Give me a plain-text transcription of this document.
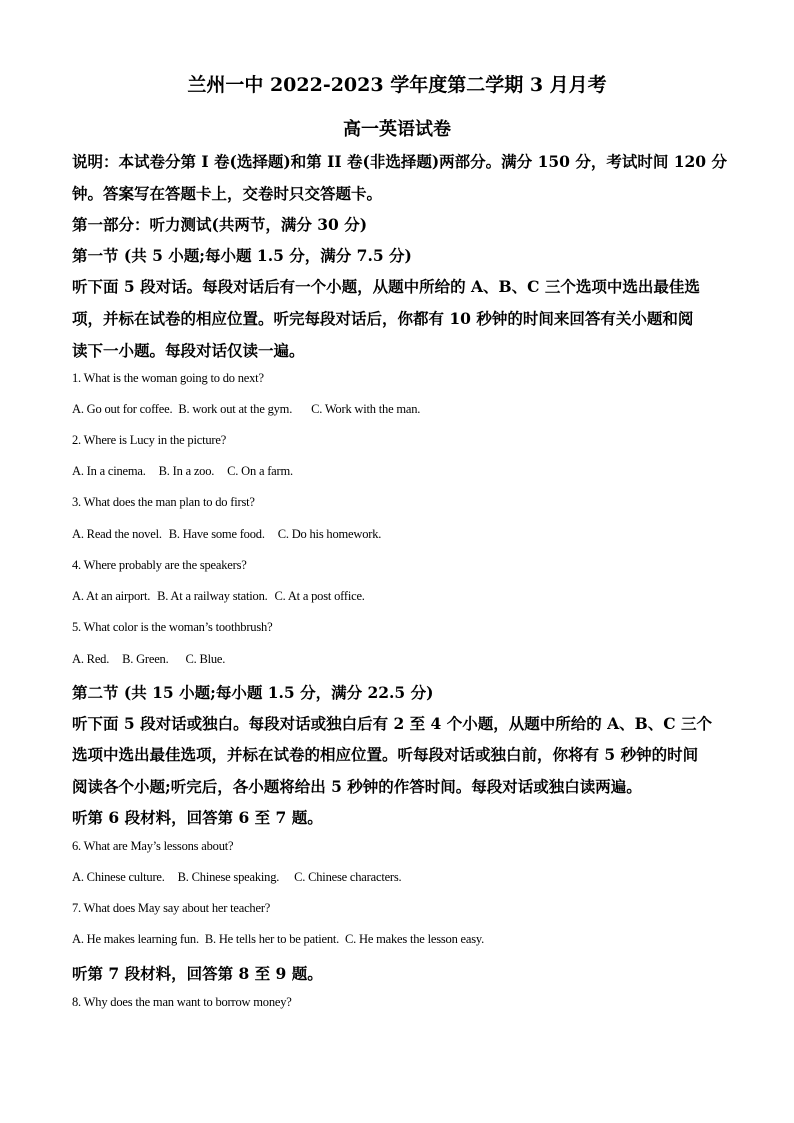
兰州一中 2022-2023 学年度第二学期 3 月月考
高一英语试卷
说明：本试卷分第 I 卷(选择题)和第 II 卷(非选择题)两部分。满分 150 分，考试时间 120 分
钟。答案写在答题卡上，交卷时只交答题卡。
第一部分：听力测试(共两节，满分 30 分)
第一节 (共 5 小题;每小题 1.5 分，满分 7.5 分)
听下面 5 段对话。每段对话后有一个小题，从题中所给的 A、B、C 三个选项中选出最佳选
项，并标在试卷的相应位置。听完每段对话后，你都有 10 秒钟的时间来回答有关小题和阅
读下一小题。每段对话仅读一遍。
1. What is the woman going to do next?
A. Go out for coffee. B. work out at the gym. C. Work with the man.
2. Where is Lucy in the picture?
A. In a cinema. B. In a zoo. C. On a farm.
3. What does the man plan to do first?
A. Read the novel. B. Have some food. C. Do his homework.
4. Where probably are the speakers?
A. At an airport. B. At a railway station. C. At a post office.
5. What color is the woman’s toothbrush?
A. Red. B. Green. C. Blue.
第二节 (共 15 小题;每小题 1.5 分，满分 22.5 分)
听下面 5 段对话或独白。每段对话或独白后有 2 至 4 个小题，从题中所给的 A、B、C 三个
选项中选出最佳选项，并标在试卷的相应位置。听每段对话或独白前，你将有 5 秒钟的时间
阅读各个小题;听完后，各小题将给出 5 秒钟的作答时间。每段对话或独白读两遍。
听第 6 段材料，回答第 6 至 7 题。
6. What are May’s lessons about?
A. Chinese culture. B. Chinese speaking. C. Chinese characters.
7. What does May say about her teacher?
A. He makes learning fun. B. He tells her to be patient. C. He makes the lesson easy.
听第 7 段材料，回答第 8 至 9 题。
8. Why does the man want to borrow money?
